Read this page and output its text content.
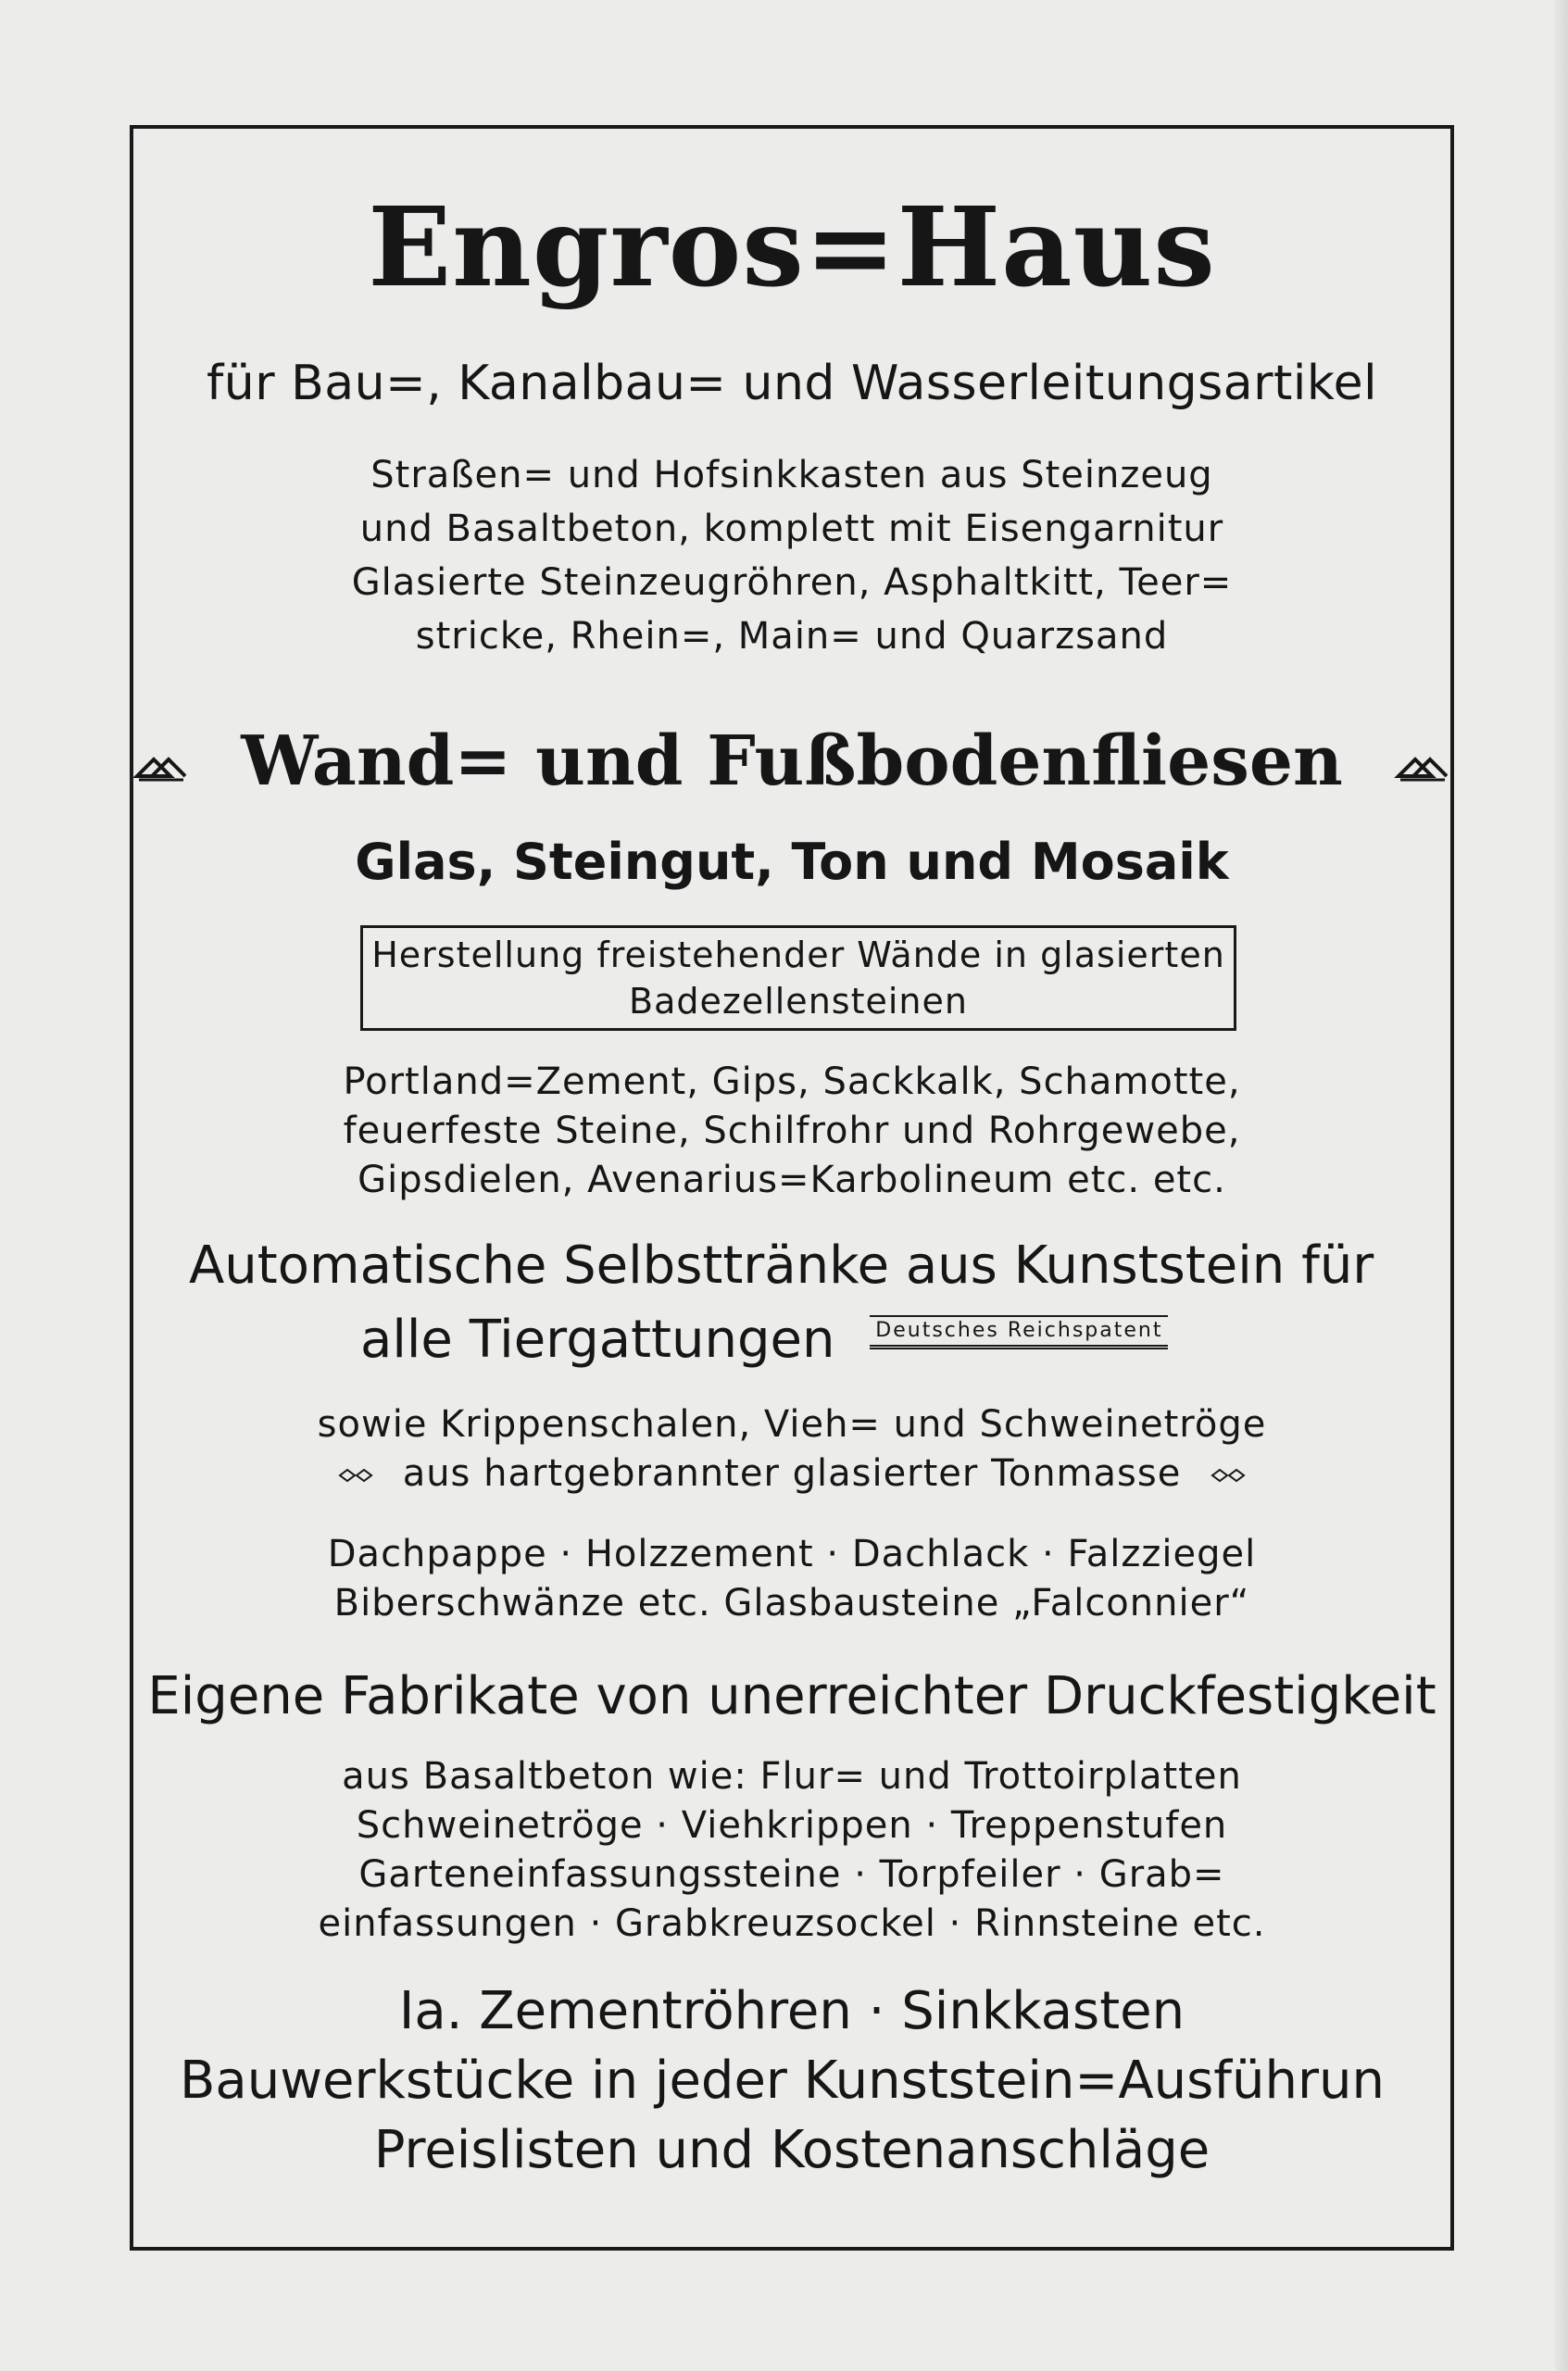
Engros=Haus
für Bau=, Kanalbau= und Wasserleitungsartikel
Straßen= und Hofsinkkasten aus Steinzeug
und Basaltbeton, komplett mit Eisengarnitur
Glasierte Steinzeugröhren, Asphaltkitt, Teer=
stricke, Rhein=, Main= und Quarzsand
Wand= und Fußbodenfliesen
Glas, Steingut, Ton und Mosaik
Herstellung freistehender Wände in glasierten
Badezellensteinen
Portland=Zement, Gips, Sackkalk, Schamotte,
feuerfeste Steine, Schilfrohr und Rohrgewebe,
Gipsdielen, Avenarius=Karbolineum etc. etc.
Automatische Selbsttränke aus Kunststein für
alle Tiergattungen Deutsches Reichspatent
sowie Krippenschalen, Vieh= und Schweinetröge
aus hartgebrannter glasierter Tonmasse
Dachpappe · Holzzement · Dachlack · Falzziegel
Biberschwänze etc. Glasbausteine „Falconnier“
Eigene Fabrikate von unerreichter Druckfestigkeit
aus Basaltbeton wie: Flur= und Trottoirplatten
Schweinetröge · Viehkrippen · Treppenstufen
Garteneinfassungssteine · Torpfeiler · Grab=
einfassungen · Grabkreuzsockel · Rinnsteine etc.
Ia. Zementröhren · Sinkkasten
Bauwerkstücke in jeder Kunststein=Ausführun
Preislisten und Kostenanschläge
